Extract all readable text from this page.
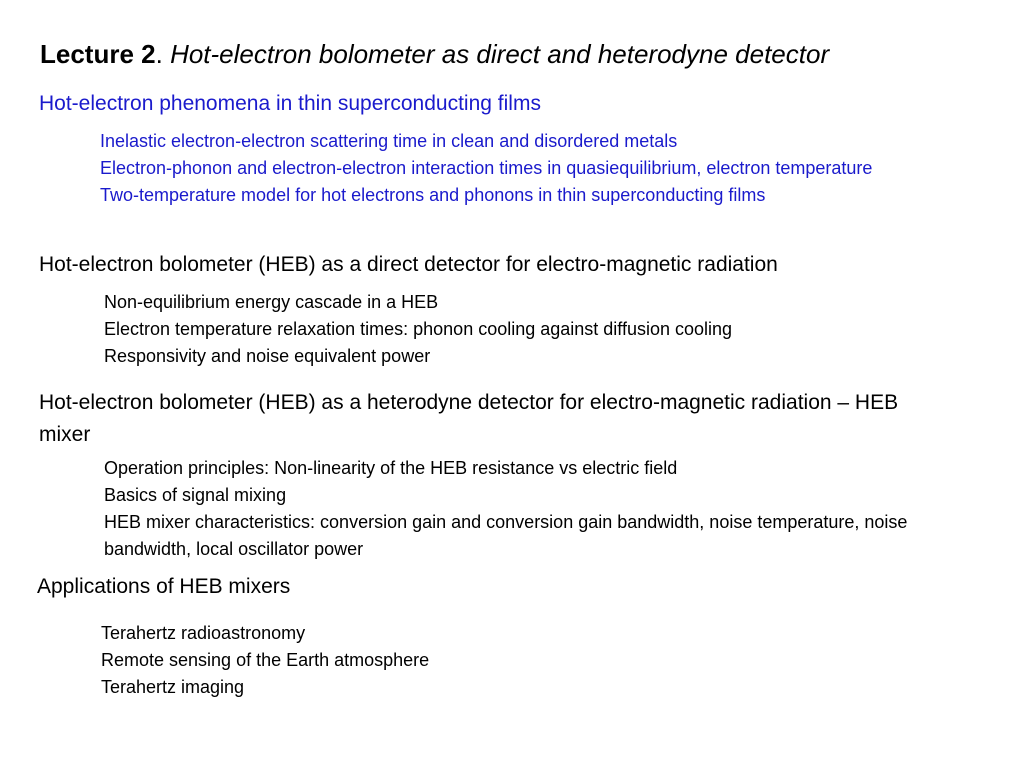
Lecture 2. Hot-electron bolometer as direct and heterodyne detector
Hot-electron phenomena in thin superconducting films
Inelastic electron-electron scattering time in clean and disordered metals
Electron-phonon and electron-electron interaction times in quasiequilibrium, electron temperature
Two-temperature model for hot electrons and phonons in thin superconducting films
Hot-electron bolometer (HEB) as a direct detector for electro-magnetic radiation
Non-equilibrium energy cascade in a HEB
Electron temperature relaxation times: phonon cooling against diffusion cooling
Responsivity and noise equivalent power
Hot-electron bolometer (HEB) as a heterodyne detector for electro-magnetic radiation – HEB mixer
Operation principles: Non-linearity of the HEB resistance vs electric field
Basics of signal mixing
HEB mixer characteristics: conversion gain and conversion gain bandwidth, noise temperature, noise bandwidth, local oscillator power
Applications of HEB mixers
Terahertz radioastronomy
Remote sensing of the Earth atmosphere
Terahertz imaging
